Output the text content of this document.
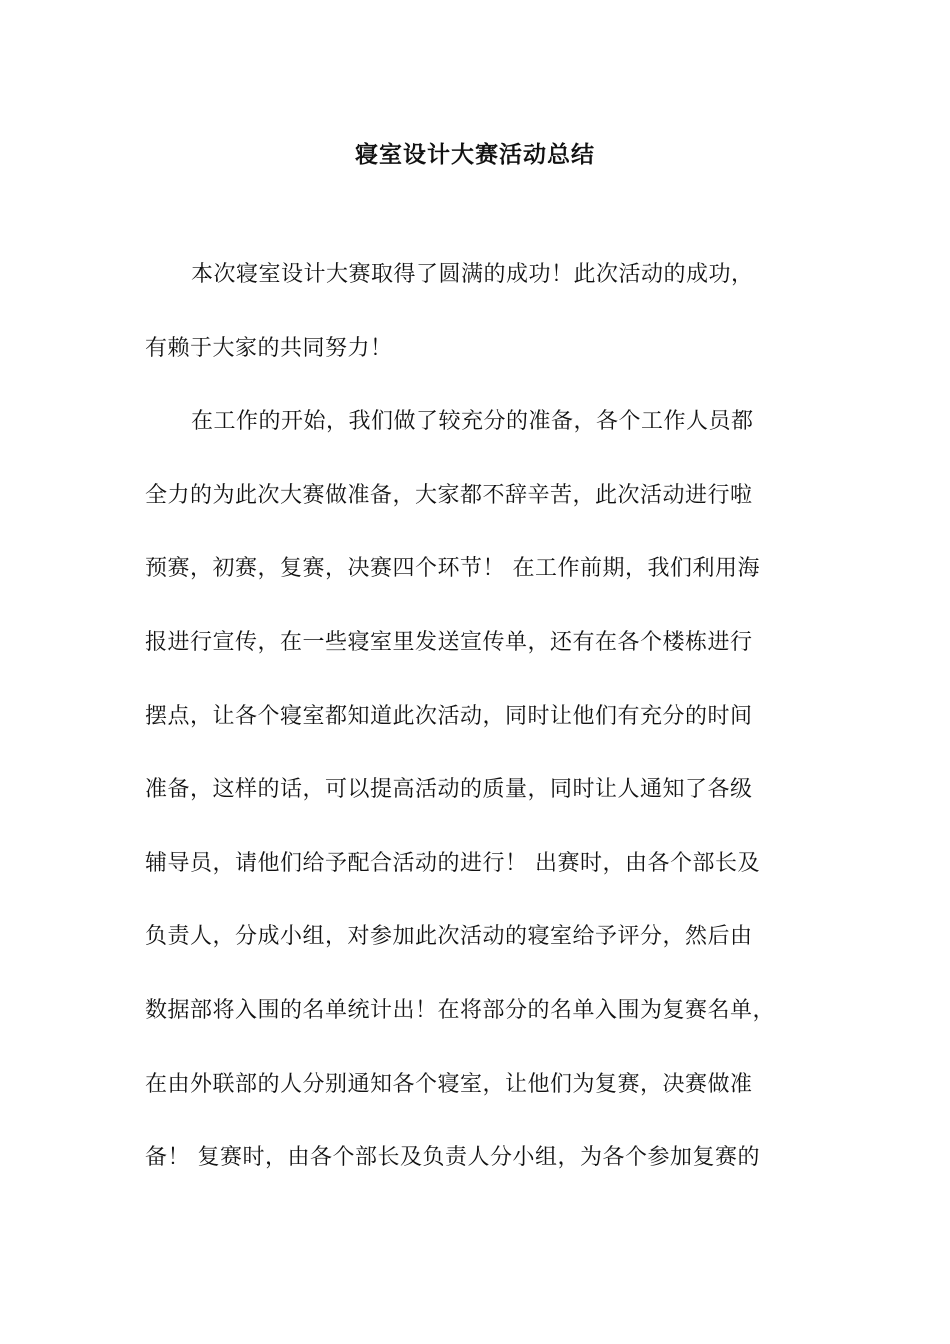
寝室设计大赛活动总结
本次寝室设计大赛取得了圆满的成功！此次活动的成功，
有赖于大家的共同努力！
在工作的开始，我们做了较充分的准备，各个工作人员都
全力的为此次大赛做准备，大家都不辞辛苦，此次活动进行啦
预赛，初赛，复赛，决赛四个环节！ 在工作前期，我们利用海
报进行宣传，在一些寝室里发送宣传单，还有在各个楼栋进行
摆点，让各个寝室都知道此次活动，同时让他们有充分的时间
准备，这样的话，可以提高活动的质量，同时让人通知了各级
辅导员，请他们给予配合活动的进行！ 出赛时，由各个部长及
负责人，分成小组，对参加此次活动的寝室给予评分，然后由
数据部将入围的名单统计出！在将部分的名单入围为复赛名单，
在由外联部的人分别通知各个寝室，让他们为复赛，决赛做准
备！ 复赛时，由各个部长及负责人分小组，为各个参加复赛的
